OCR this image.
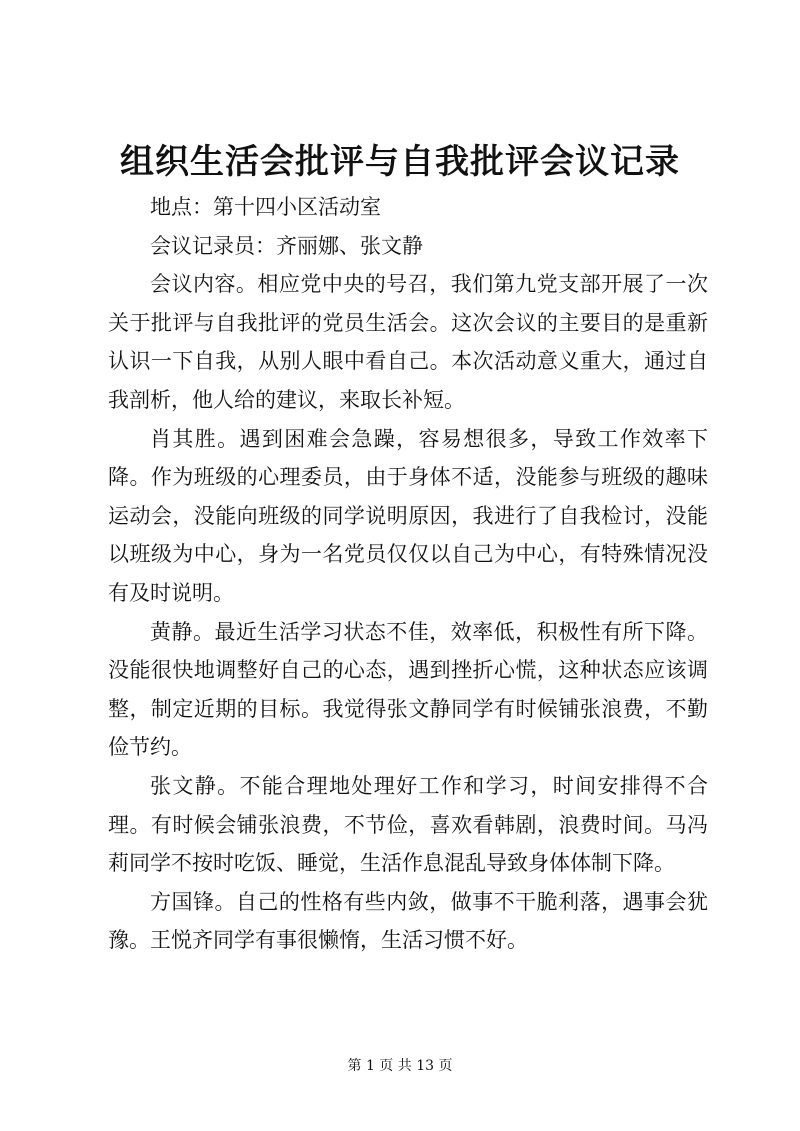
组织生活会批评与自我批评会议记录

地点：第十四小区活动室

会议记录员：齐丽娜、张文静

会议内容。相应党中央的号召，我们第九党支部开展了一次关于批评与自我批评的党员生活会。这次会议的主要目的是重新认识一下自我，从别人眼中看自己。本次活动意义重大，通过自我剖析，他人给的建议，来取长补短。

肖其胜。遇到困难会急躁，容易想很多，导致工作效率下降。作为班级的心理委员，由于身体不适，没能参与班级的趣味运动会，没能向班级的同学说明原因，我进行了自我检讨，没能以班级为中心，身为一名党员仅仅以自己为中心，有特殊情况没有及时说明。

黄静。最近生活学习状态不佳，效率低，积极性有所下降。没能很快地调整好自己的心态，遇到挫折心慌，这种状态应该调整，制定近期的目标。我觉得张文静同学有时候铺张浪费，不勤俭节约。

张文静。不能合理地处理好工作和学习，时间安排得不合理。有时候会铺张浪费，不节俭，喜欢看韩剧，浪费时间。马冯莉同学不按时吃饭、睡觉，生活作息混乱导致身体体制下降。

方国锋。自己的性格有些内敛，做事不干脆利落，遇事会犹豫。王悦齐同学有事很懒惰，生活习惯不好。

第 1 页 共 13 页
